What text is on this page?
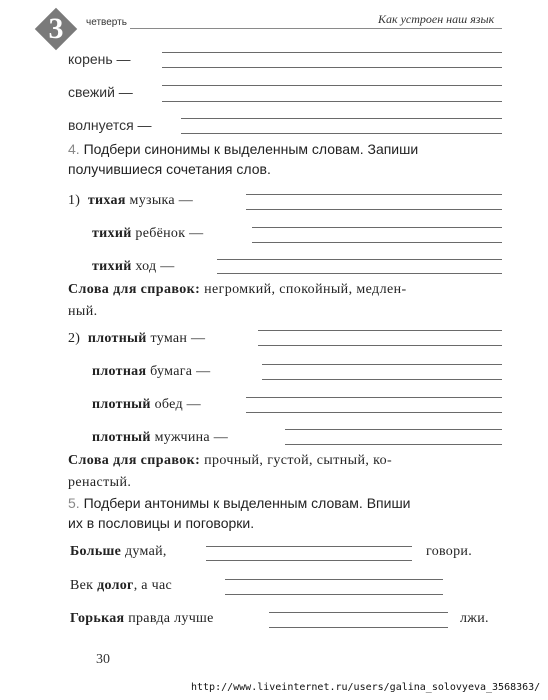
3	четверть	Как устроен наш язык
корень —
свежий —
волнуется —
4. Подбери синонимы к выделенным словам. Запиши получившиеся сочетания слов.
1) тихая музыка —
тихий ребёнок —
тихий ход —
Слова для справок: негромкий, спокойный, медлен-
ный.
2) плотный туман —
плотная бумага —
плотный обед —
плотный мужчина —
Слова для справок: прочный, густой, сытный, ко-
ренастый.
5. Подбери антонимы к выделенным словам. Впиши
их в пословицы и поговорки.
Больше думай,	говори.
Век долог, а час
Горькая правда лучше	лжи.
30
http://www.liveinternet.ru/users/galina_solovyeva_3568363/
